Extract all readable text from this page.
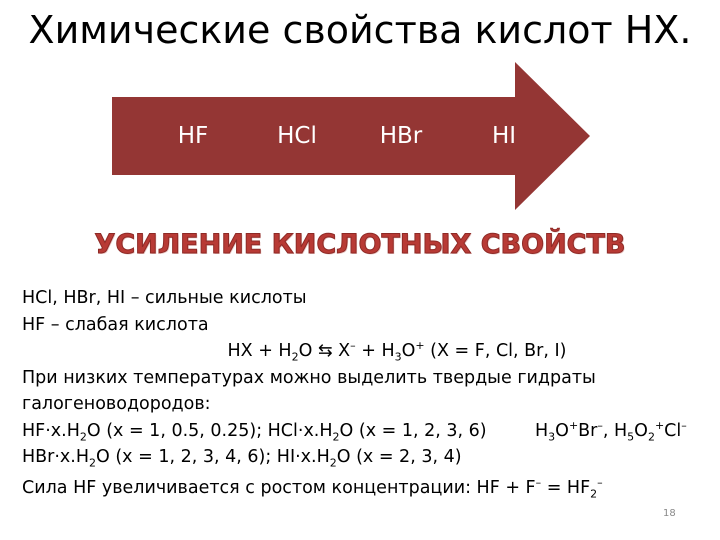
Химические свойства кислот НХ.
HF	HCl	HBr	HI
УСИЛЕНИЕ КИСЛОТНЫХ СВОЙСТВ
HCl, HBr, HI – сильные кислоты
HF – слабая кислота
HX + $H_2O$ ⇆ $X^- + H_3O^+$ (X = F, Cl, Br, I)
При низких температурах можно выделить твердые гидраты
галогеноводородов:
$HF\cdot x.H_2O$ (x = 1, 0.5, 0.25); $HCl\cdot x.H_2O$ (x = 1, 2, 3, 6)	$H_3O^+Br^-$, $H_5O_2^+Cl^-$
$HBr\cdot x.H_2O$ (x = 1, 2, 3, 4, 6); $HI\cdot x.H_2O$ (x = 2, 3, 4)
Сила HF увеличивается с ростом концентрации: HF + $F^- = HF_2^-$
18
